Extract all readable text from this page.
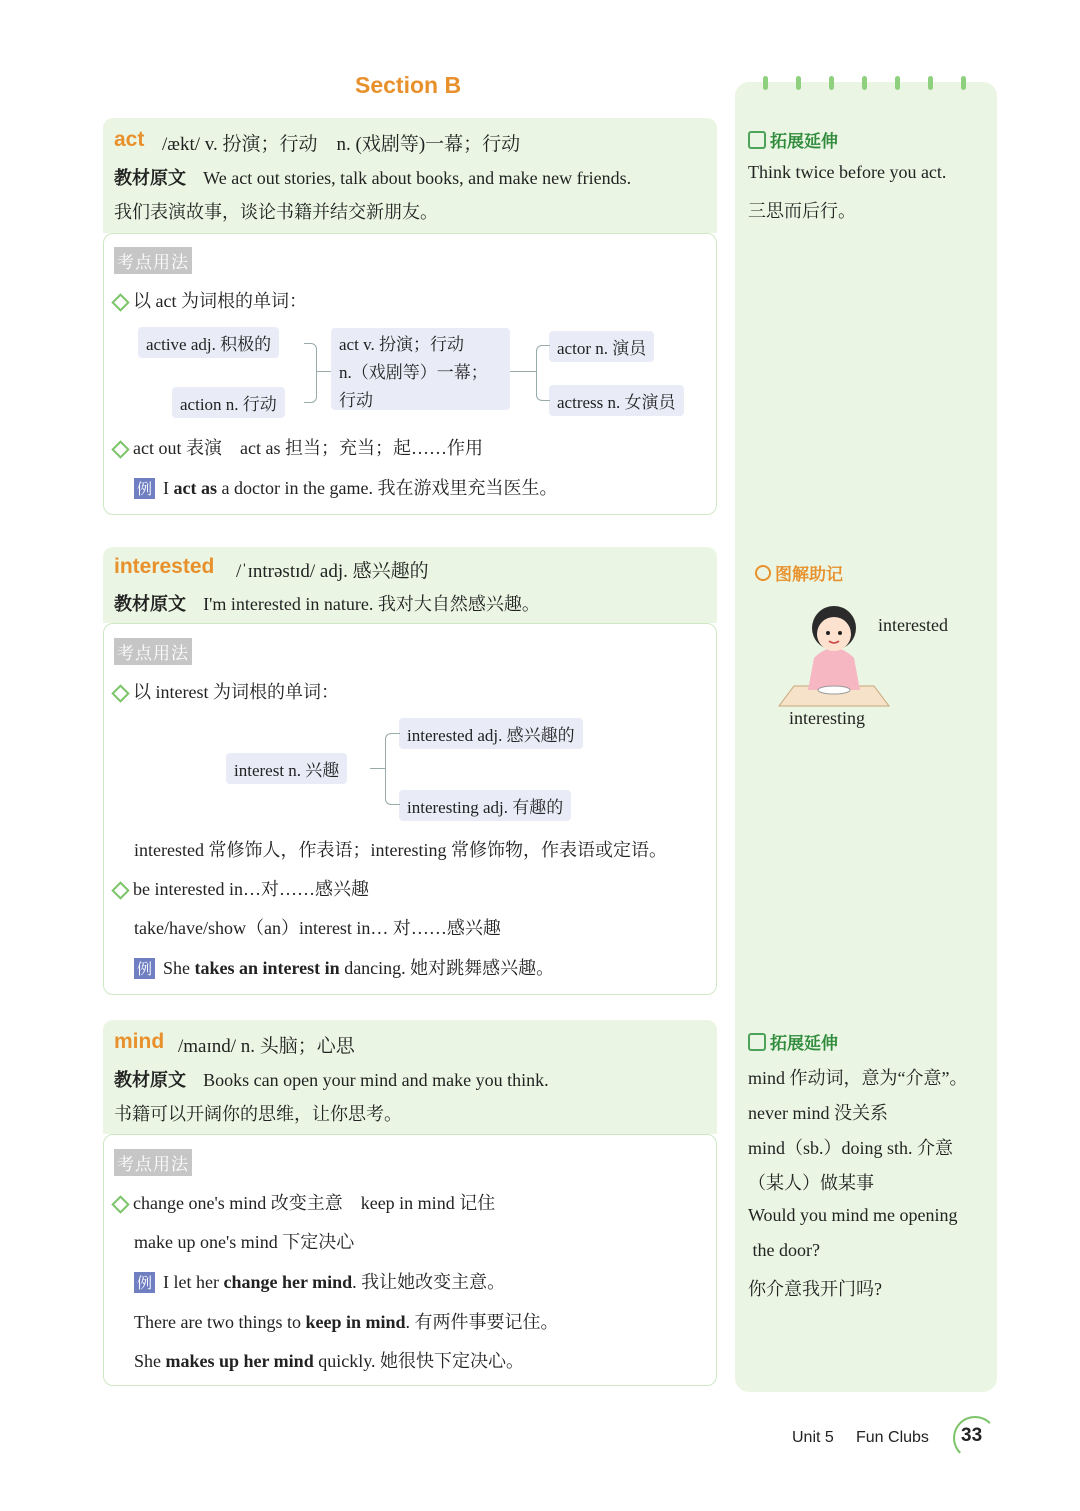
Section B
act /ækt/ v. 扮演；行动　n. (戏剧等)一幕；行动
教材原文 We act out stories, talk about books, and make new friends.
我们表演故事，谈论书籍并结交新朋友。
考点用法
以 act 为词根的单词：
active adj. 积极的
action n. 行动
act v. 扮演；行动
n.（戏剧等）一幕；
行动
actor n. 演员
actress n. 女演员
act out 表演　act as 担当；充当；起……作用
例 I act as a doctor in the game. 我在游戏里充当医生。
interested /ˈɪntrəstɪd/ adj. 感兴趣的
教材原文 I'm interested in nature. 我对大自然感兴趣。
考点用法
以 interest 为词根的单词：
interest n. 兴趣
interested adj. 感兴趣的
interesting adj. 有趣的
interested 常修饰人，作表语；interesting 常修饰物，作表语或定语。
be interested in…对……感兴趣
take/have/show（an）interest in… 对……感兴趣
例 She takes an interest in dancing. 她对跳舞感兴趣。
mind /maɪnd/ n. 头脑；心思
教材原文 Books can open your mind and make you think.
书籍可以开阔你的思维，让你思考。
考点用法
change one's mind 改变主意　keep in mind 记住
make up one's mind 下定决心
例 I let her change her mind. 我让她改变主意。
There are two things to keep in mind. 有两件事要记住。
She makes up her mind quickly. 她很快下定决心。
拓展延伸
Think twice before you act.
三思而后行。
图解助记
interested
interesting
拓展延伸
mind 作动词，意为“介意”。
never mind 没关系
mind（sb.）doing sth. 介意
（某人）做某事
Would you mind me opening
the door?
你介意我开门吗?
Unit 5 Fun Clubs 33
